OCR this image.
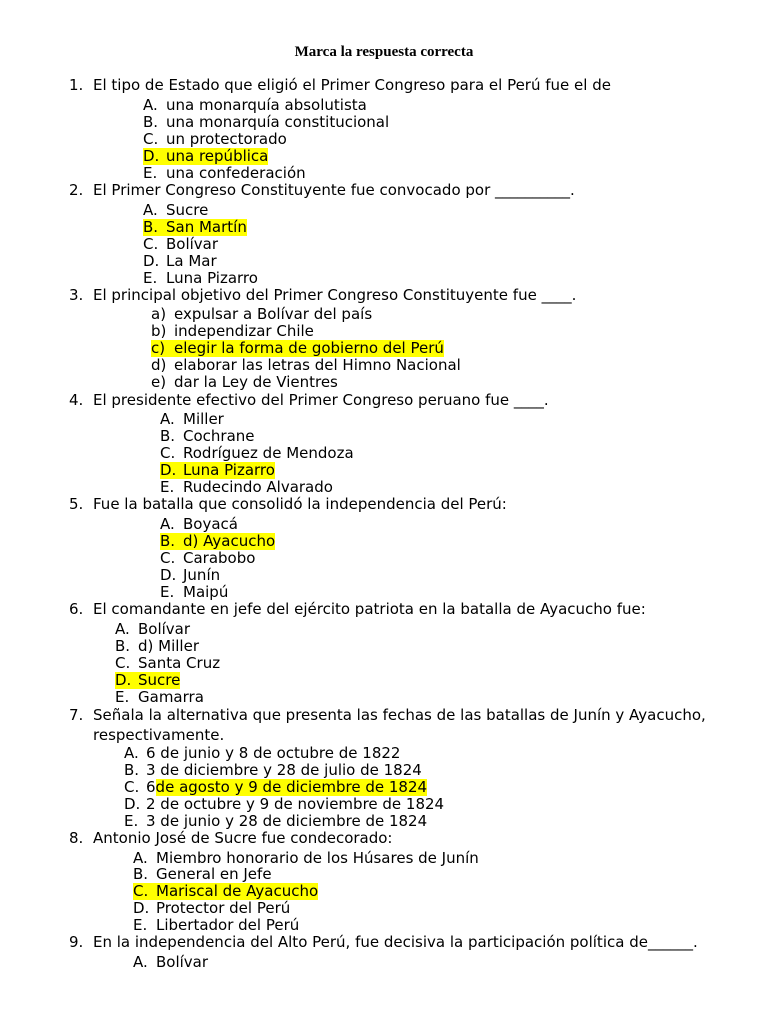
Marca la respuesta correcta
1. El tipo de Estado que eligió el Primer Congreso para el Perú fue el de
A. una monarquía absolutista
B. una monarquía constitucional
C. un protectorado
D. una república
E. una confederación
2. El Primer Congreso Constituyente fue convocado por __________.
A. Sucre
B. San Martín
C. Bolívar
D. La Mar
E. Luna Pizarro
3. El principal objetivo del Primer Congreso Constituyente fue ____.
a) expulsar a Bolívar del país
b) independizar Chile
c) elegir la forma de gobierno del Perú
d) elaborar las letras del Himno Nacional
e) dar la Ley de Vientres
4. El presidente efectivo del Primer Congreso peruano fue ____.
A. Miller
B. Cochrane
C. Rodríguez de Mendoza
D. Luna Pizarro
E. Rudecindo Alvarado
5. Fue la batalla que consolidó la independencia del Perú:
A. Boyacá
B. d) Ayacucho
C. Carabobo
D. Junín
E. Maipú
6. El comandante en jefe del ejército patriota en la batalla de Ayacucho fue:
A. Bolívar
B. d) Miller
C. Santa Cruz
D. Sucre
E. Gamarra
7. Señala la alternativa que presenta las fechas de las batallas de Junín y Ayacucho, respectivamente.
A. 6 de junio y 8 de octubre de 1822
B. 3 de diciembre y 28 de julio de 1824
C. 6de agosto y 9 de diciembre de 1824
D. 2 de octubre y 9 de noviembre de 1824
E. 3 de junio y 28 de diciembre de 1824
8. Antonio José de Sucre fue condecorado:
A. Miembro honorario de los Húsares de Junín
B. General en Jefe
C. Mariscal de Ayacucho
D. Protector del Perú
E. Libertador del Perú
9. En la independencia del Alto Perú, fue decisiva la participación política de______.
A. Bolívar
